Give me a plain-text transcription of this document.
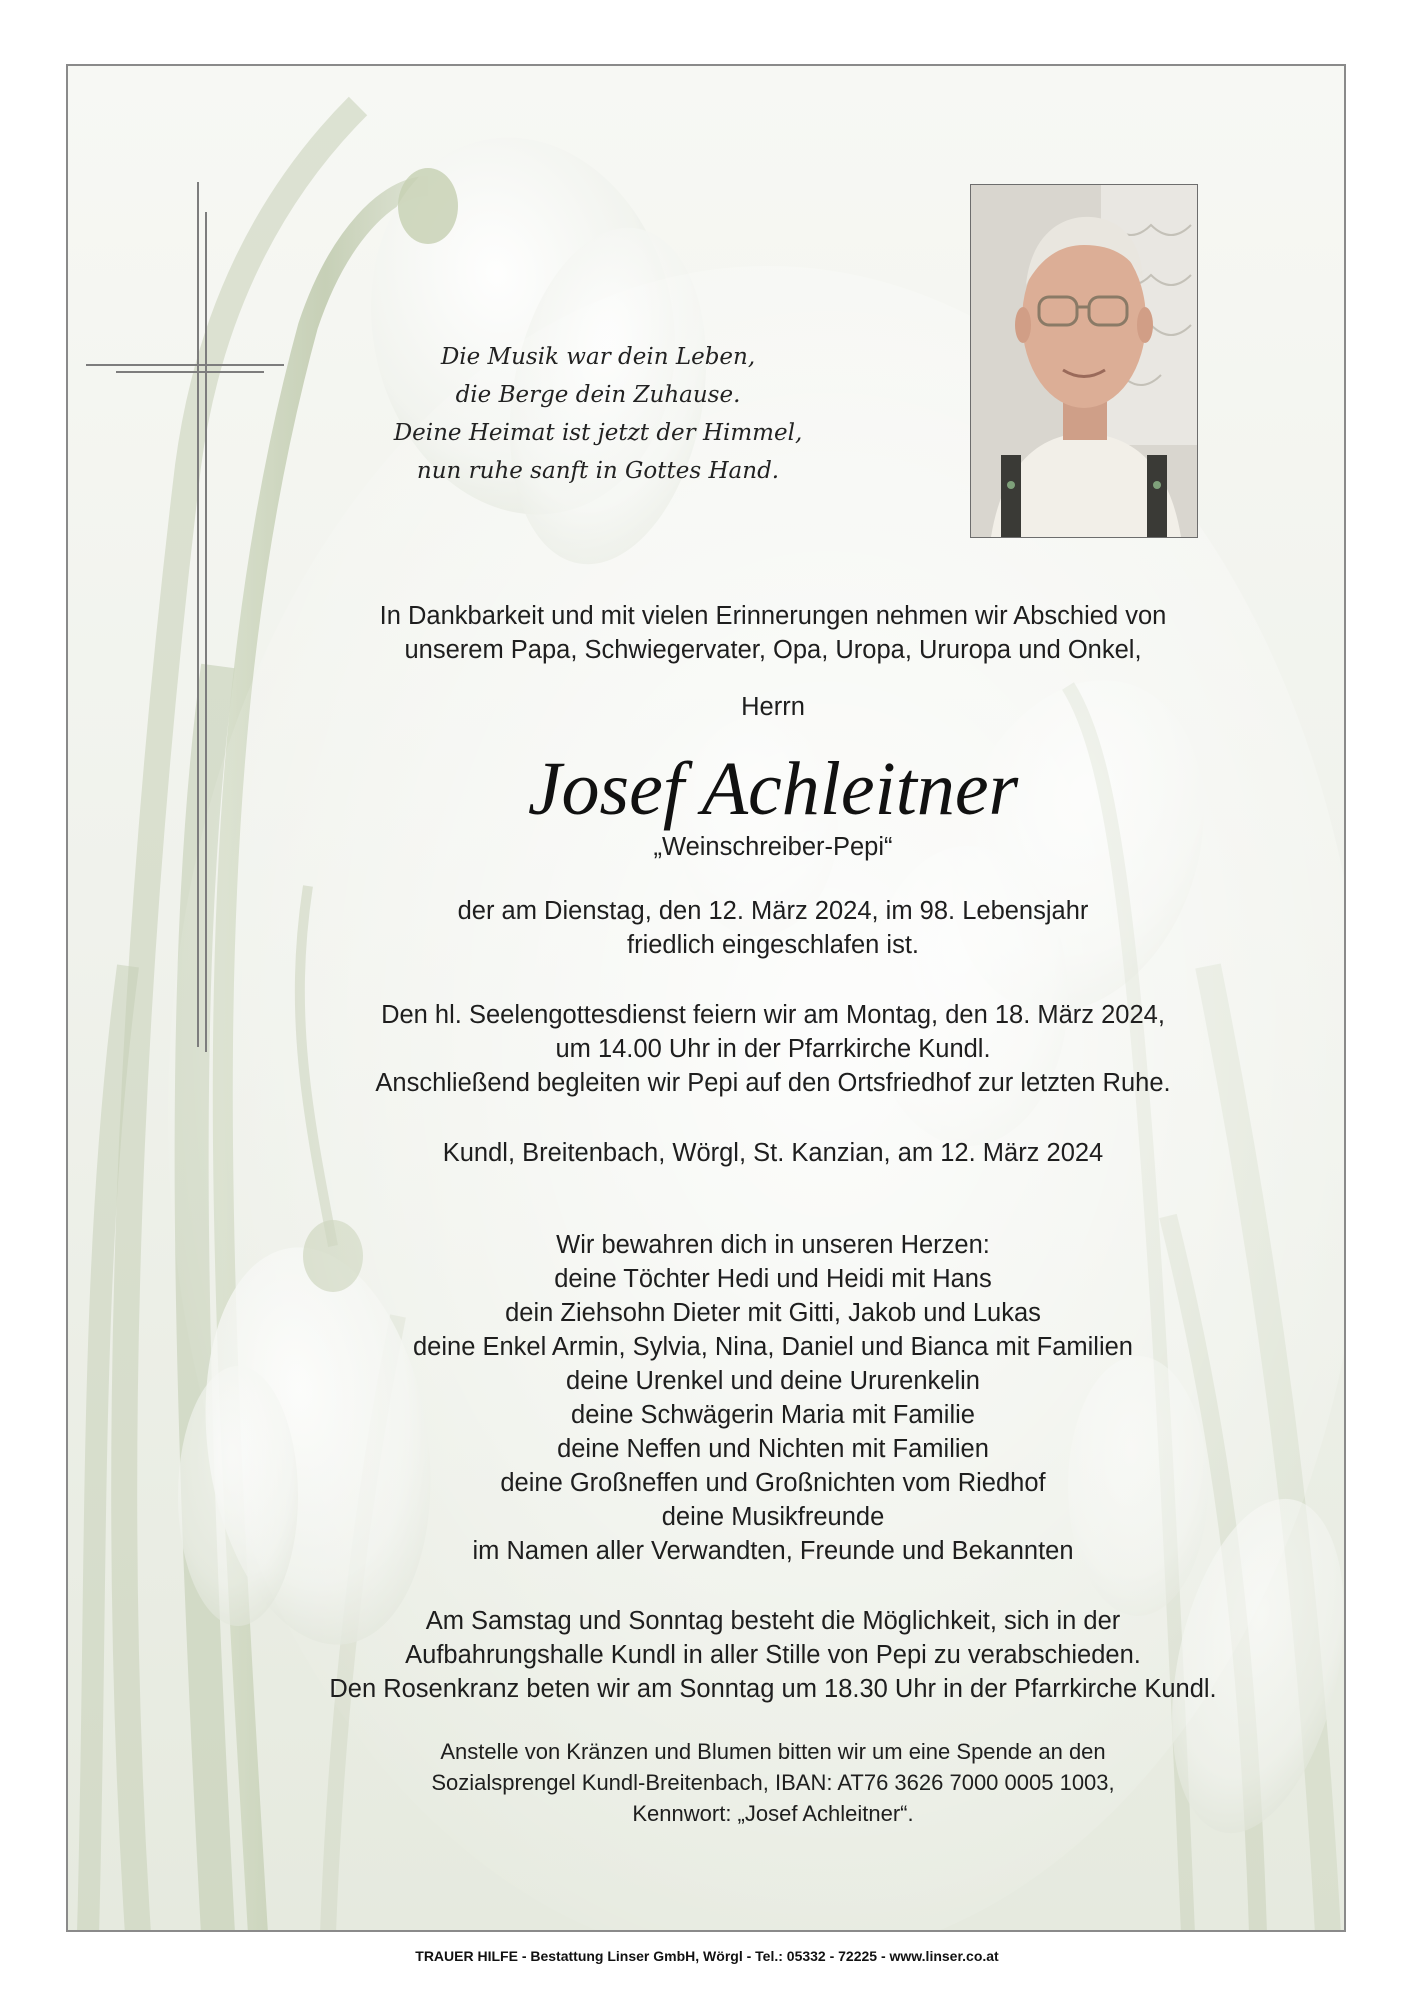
Die Musik war dein Leben,
die Berge dein Zuhause.
Deine Heimat ist jetzt der Himmel,
nun ruhe sanft in Gottes Hand.
In Dankbarkeit und mit vielen Erinnerungen nehmen wir Abschied von
unserem Papa, Schwiegervater, Opa, Uropa, Ururopa und Onkel,
Herrn
Josef Achleitner
„Weinschreiber-Pepi“
der am Dienstag, den 12. März 2024, im 98. Lebensjahr
friedlich eingeschlafen ist.
Den hl. Seelengottesdienst feiern wir am Montag, den 18. März 2024,
um 14.00 Uhr in der Pfarrkirche Kundl.
Anschließend begleiten wir Pepi auf den Ortsfriedhof zur letzten Ruhe.
Kundl, Breitenbach, Wörgl, St. Kanzian, am 12. März 2024
Wir bewahren dich in unseren Herzen:
deine Töchter Hedi und Heidi mit Hans
dein Ziehsohn Dieter mit Gitti, Jakob und Lukas
deine Enkel Armin, Sylvia, Nina, Daniel und Bianca mit Familien
deine Urenkel und deine Ururenkelin
deine Schwägerin Maria mit Familie
deine Neffen und Nichten mit Familien
deine Großneffen und Großnichten vom Riedhof
deine Musikfreunde
im Namen aller Verwandten, Freunde und Bekannten
Am Samstag und Sonntag besteht die Möglichkeit, sich in der
Aufbahrungshalle Kundl in aller Stille von Pepi zu verabschieden.
Den Rosenkranz beten wir am Sonntag um 18.30 Uhr in der Pfarrkirche Kundl.
Anstelle von Kränzen und Blumen bitten wir um eine Spende an den
Sozialsprengel Kundl-Breitenbach, IBAN: AT76 3626 7000 0005 1003,
Kennwort: „Josef Achleitner“.
TRAUER HILFE - Bestattung Linser GmbH, Wörgl - Tel.: 05332 - 72225 - www.linser.co.at
